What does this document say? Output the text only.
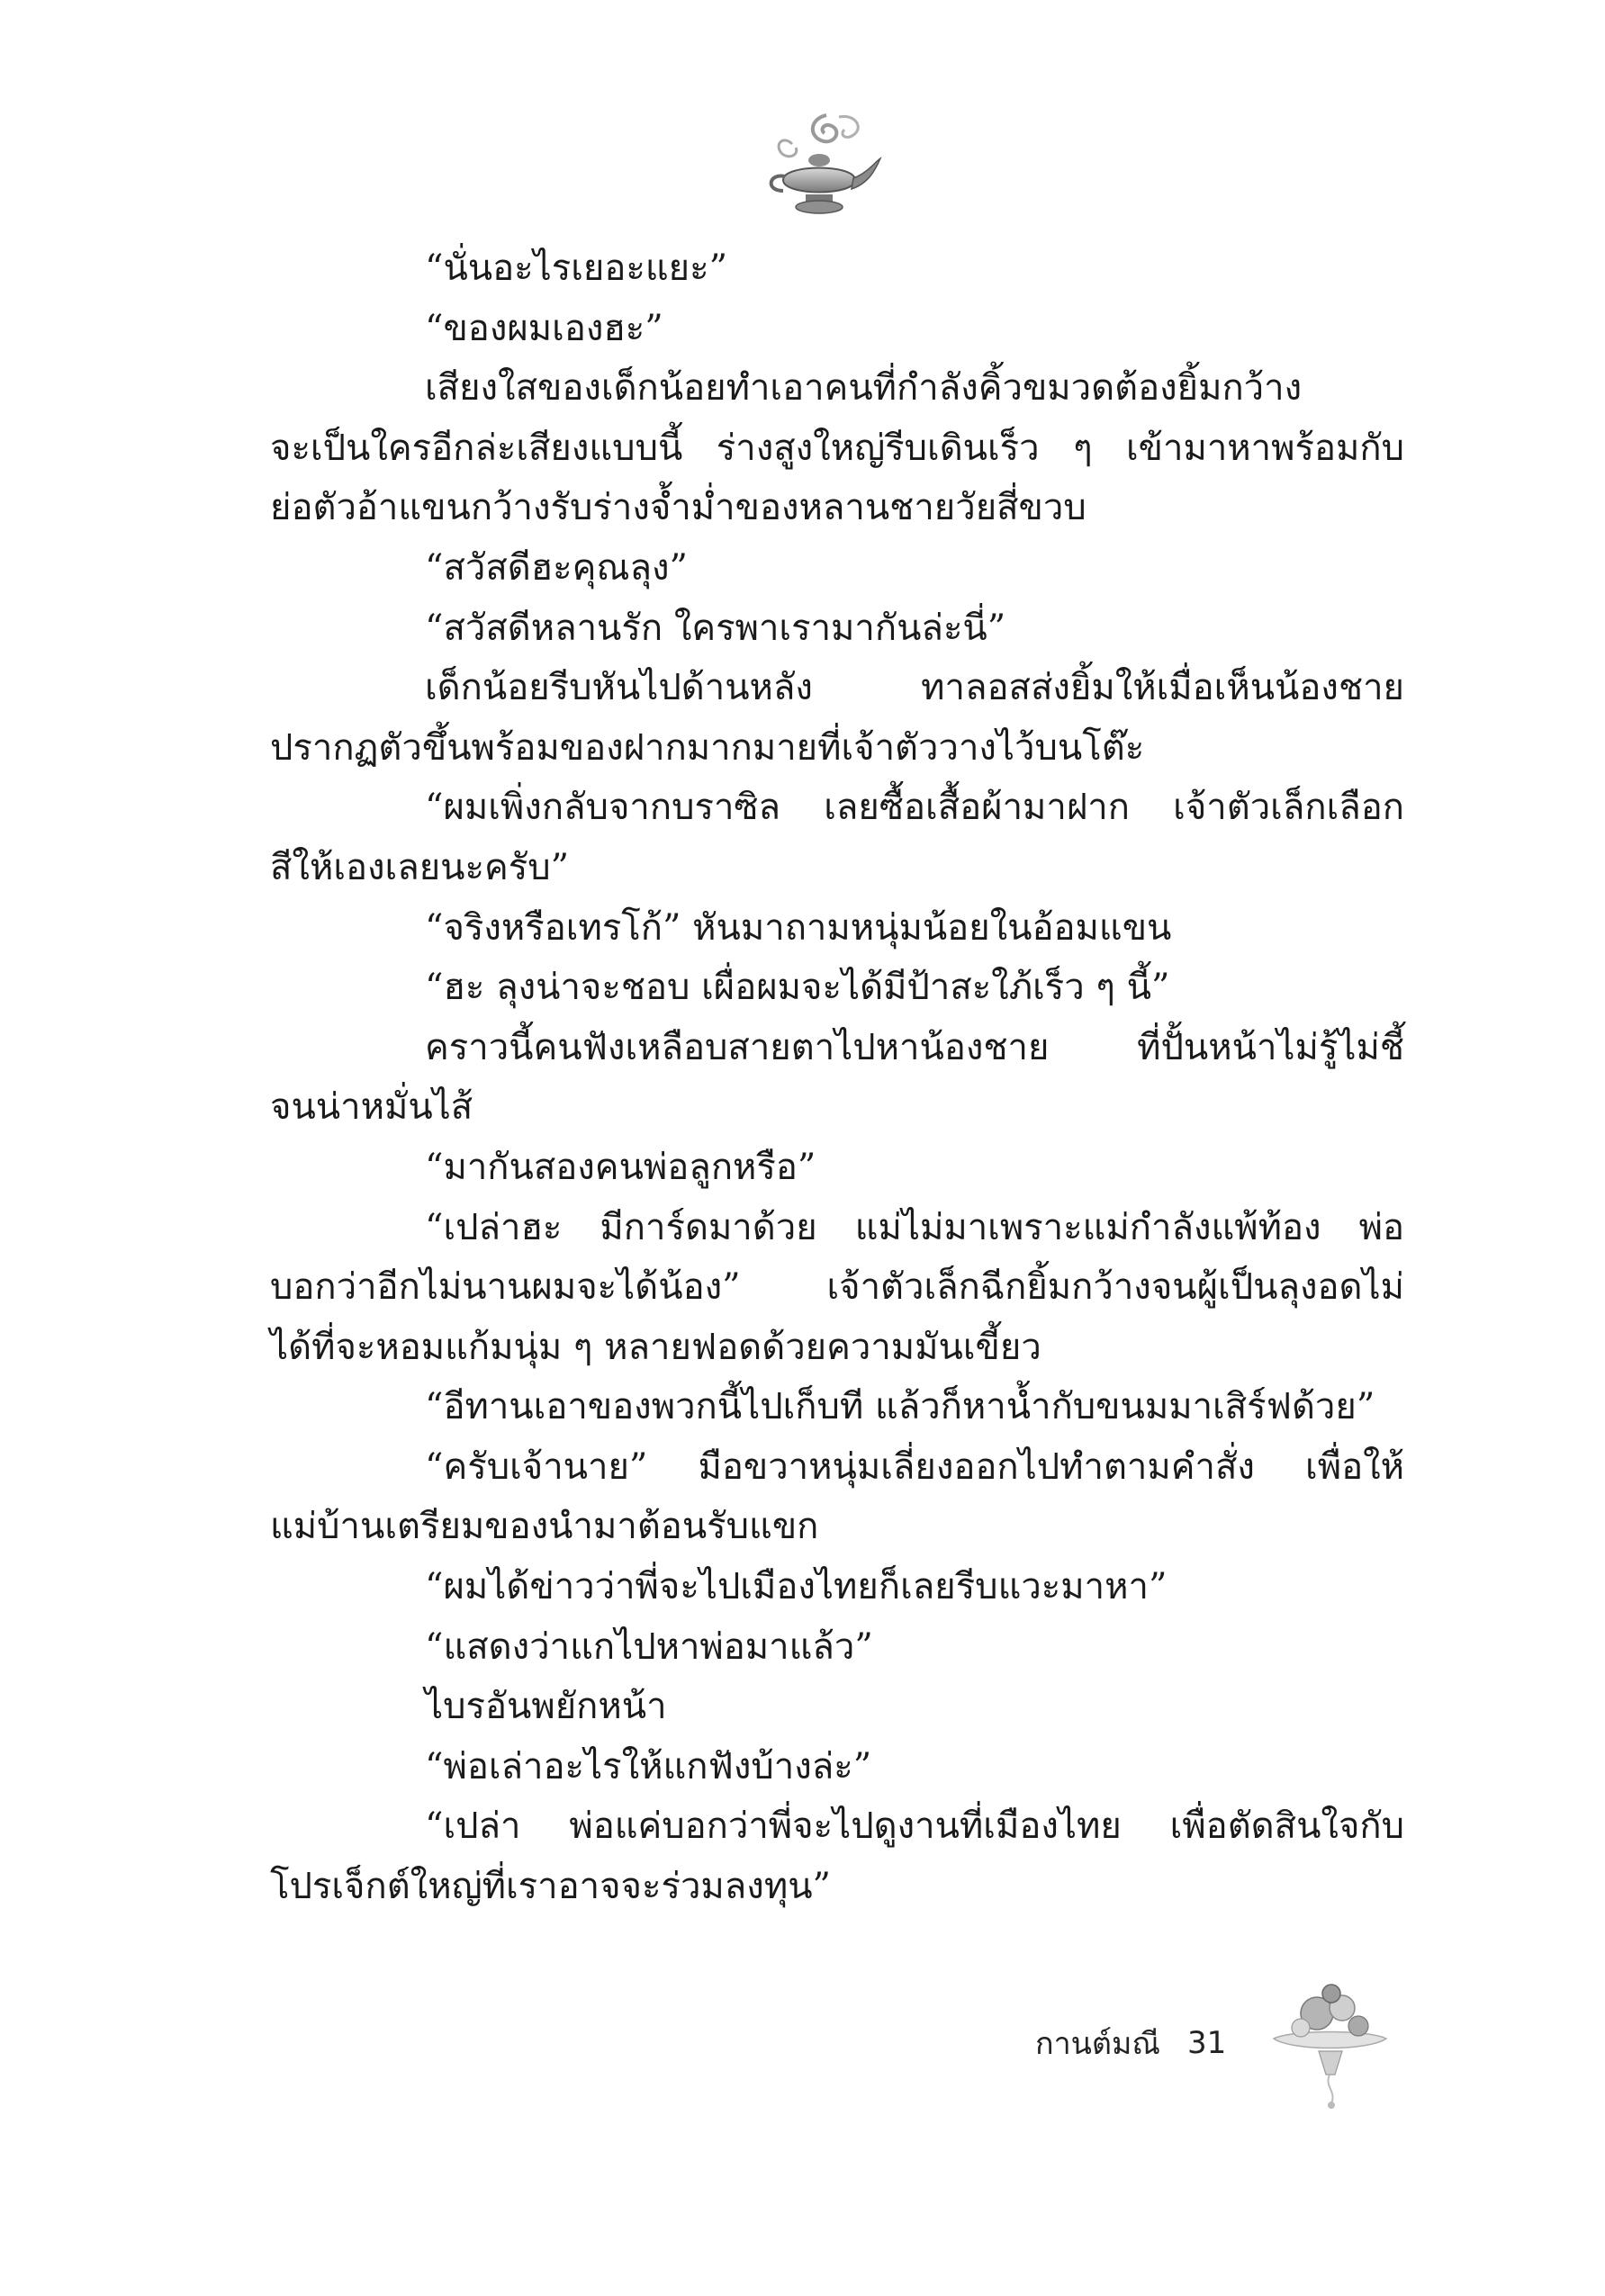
“นั่นอะไรเยอะแยะ”
“ของผมเองฮะ”
เสียงใสของเด็กน้อยทำเอาคนที่กำลังคิ้วขมวดต้องยิ้มกว้าง
จะเป็นใครอีกล่ะเสียงแบบนี้ ร่างสูงใหญ่รีบเดินเร็ว ๆ เข้ามาหาพร้อมกับ
ย่อตัวอ้าแขนกว้างรับร่างจ้ำม่ำของหลานชายวัยสี่ขวบ
“สวัสดีฮะคุณลุง”
“สวัสดีหลานรัก ใครพาเรามากันล่ะนี่”
เด็กน้อยรีบหันไปด้านหลัง ทาลอสส่งยิ้มให้เมื่อเห็นน้องชาย
ปรากฏตัวขึ้นพร้อมของฝากมากมายที่เจ้าตัววางไว้บนโต๊ะ
“ผมเพิ่งกลับจากบราซิล เลยซื้อเสื้อผ้ามาฝาก เจ้าตัวเล็กเลือก
สีให้เองเลยนะครับ”
“จริงหรือเทรโก้” หันมาถามหนุ่มน้อยในอ้อมแขน
“ฮะ ลุงน่าจะชอบ เผื่อผมจะได้มีป้าสะใภ้เร็ว ๆ นี้”
คราวนี้คนฟังเหลือบสายตาไปหาน้องชาย ที่ปั้นหน้าไม่รู้ไม่ชี้
จนน่าหมั่นไส้
“มากันสองคนพ่อลูกหรือ”
“เปล่าฮะ มีการ์ดมาด้วย แม่ไม่มาเพราะแม่กำลังแพ้ท้อง พ่อ
บอกว่าอีกไม่นานผมจะได้น้อง” เจ้าตัวเล็กฉีกยิ้มกว้างจนผู้เป็นลุงอดไม่
ได้ที่จะหอมแก้มนุ่ม ๆ หลายฟอดด้วยความมันเขี้ยว
“อีทานเอาของพวกนี้ไปเก็บที แล้วก็หาน้ำกับขนมมาเสิร์ฟด้วย”
“ครับเจ้านาย” มือขวาหนุ่มเลี่ยงออกไปทำตามคำสั่ง เพื่อให้
แม่บ้านเตรียมของนำมาต้อนรับแขก
“ผมได้ข่าวว่าพี่จะไปเมืองไทยก็เลยรีบแวะมาหา”
“แสดงว่าแกไปหาพ่อมาแล้ว”
ไบรอันพยักหน้า
“พ่อเล่าอะไรให้แกฟังบ้างล่ะ”
“เปล่า พ่อแค่บอกว่าพี่จะไปดูงานที่เมืองไทย เพื่อตัดสินใจกับ
โปรเจ็กต์ใหญ่ที่เราอาจจะร่วมลงทุน”
กานต์มณี 31
